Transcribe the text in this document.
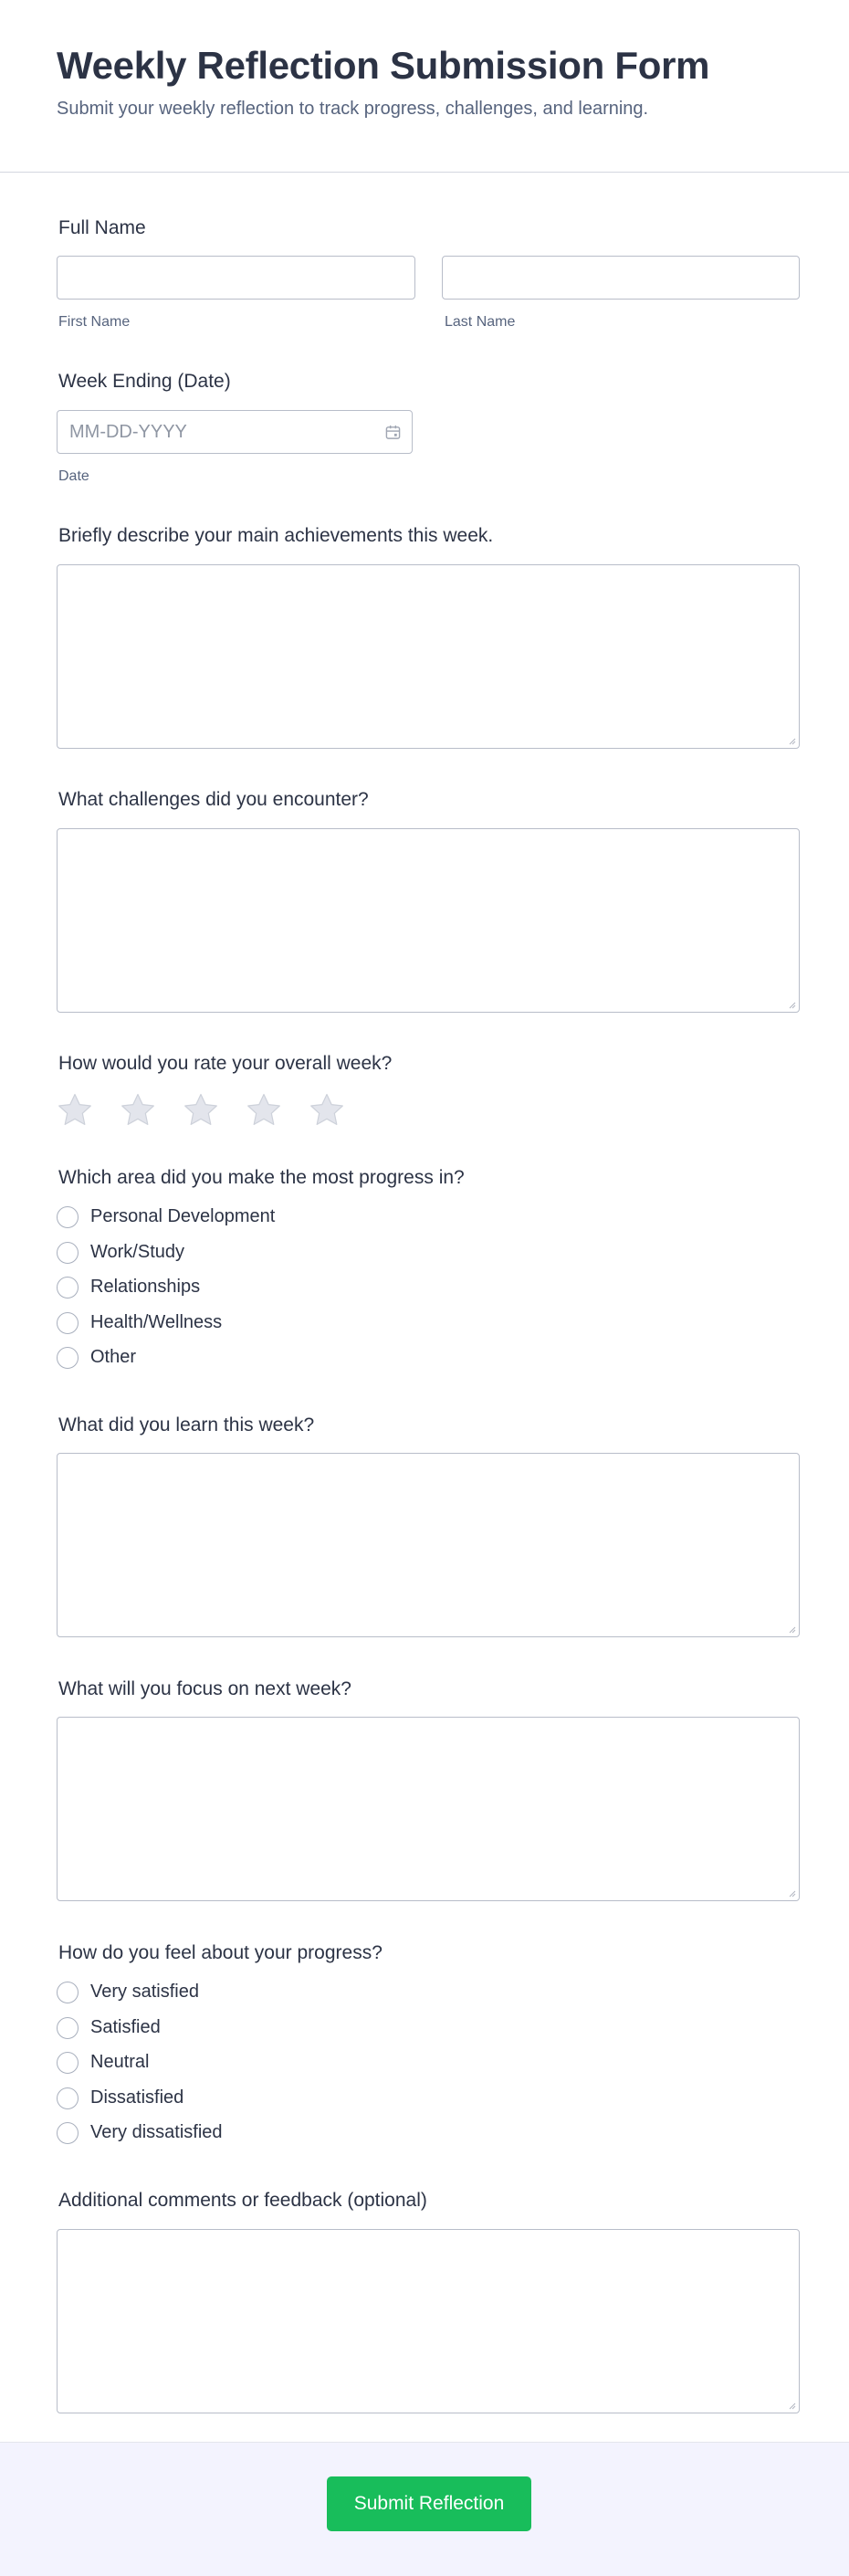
Weekly Reflection Submission Form
Submit your weekly reflection to track progress, challenges, and learning.
Full Name
First Name	Last Name
Week Ending (Date)
MM-DD-YYYY
Date
Briefly describe your main achievements this week.
What challenges did you encounter?
How would you rate your overall week?
Which area did you make the most progress in?
Personal Development
Work/Study
Relationships
Health/Wellness
Other
What did you learn this week?
What will you focus on next week?
How do you feel about your progress?
Very satisfied
Satisfied
Neutral
Dissatisfied
Very dissatisfied
Additional comments or feedback (optional)
Submit Reflection
